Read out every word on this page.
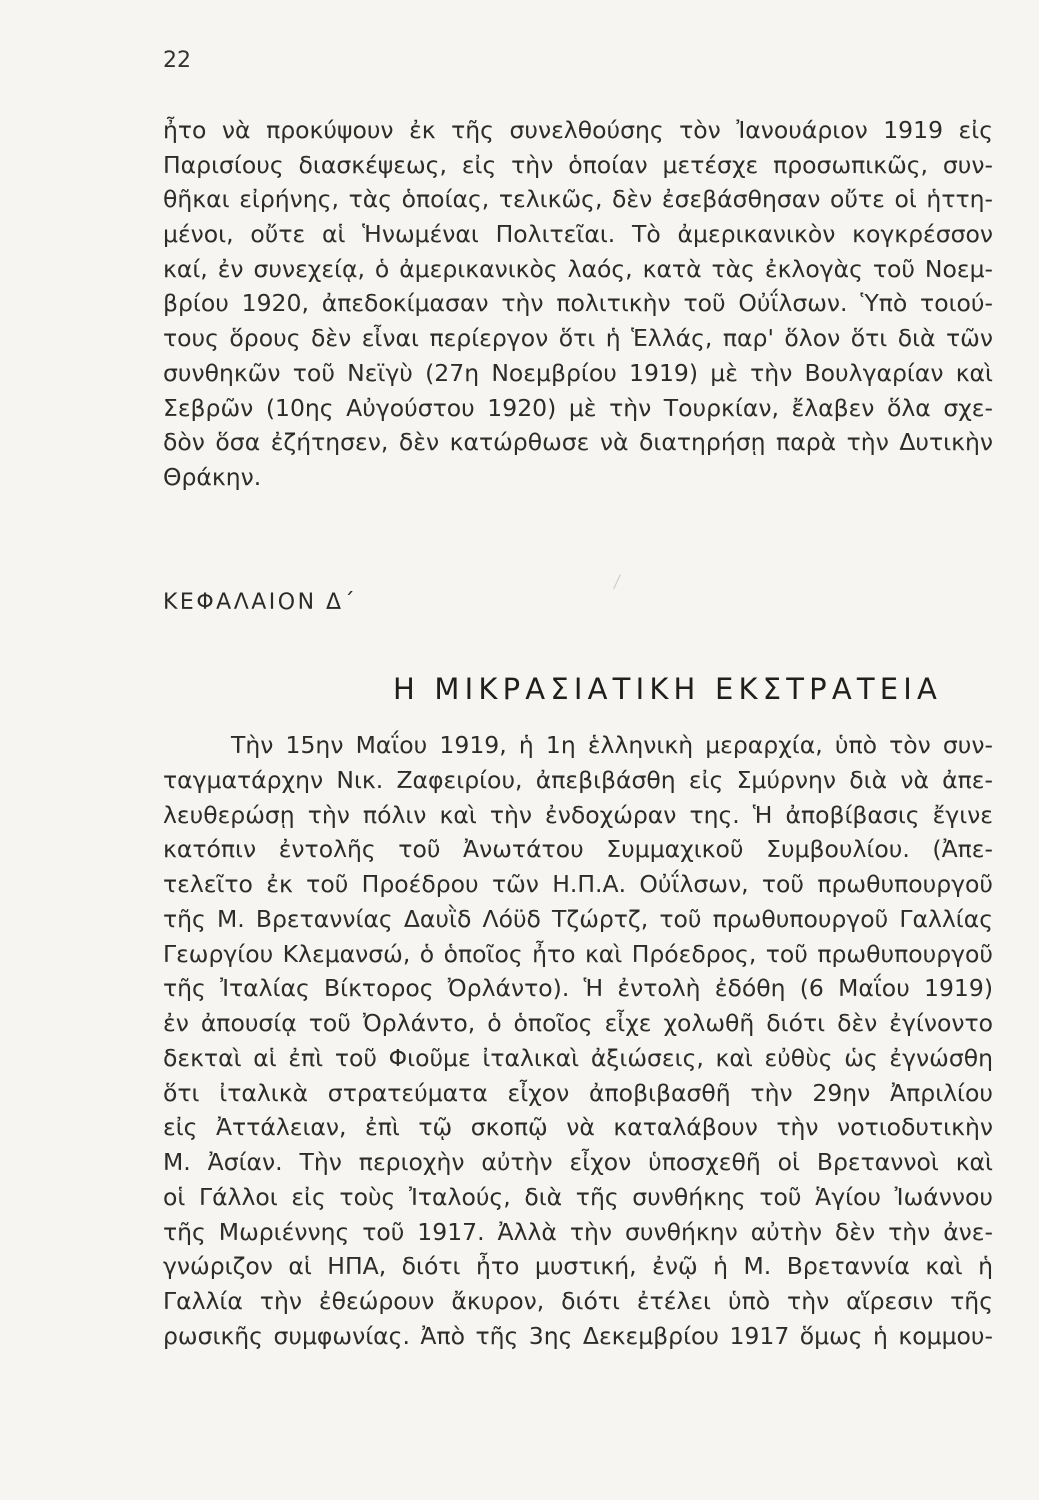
22
ἦτο νὰ προκύψουν ἐκ τῆς συνελθούσης τὸν Ἰανουάριον 1919 εἰς
Παρισίους διασκέψεως, εἰς τὴν ὁποίαν μετέσχε προσωπικῶς, συν-
θῆκαι εἰρήνης, τὰς ὁποίας, τελικῶς, δὲν ἐσεβάσθησαν οὔτε οἱ ἡττη-
μένοι, οὔτε αἱ Ἡνωμέναι Πολιτεῖαι. Τὸ ἀμερικανικὸν κογκρέσσον
καί, ἐν συνεχείᾳ, ὁ ἀμερικανικὸς λαός, κατὰ τὰς ἐκλογὰς τοῦ Νοεμ-
βρίου 1920, ἀπεδοκίμασαν τὴν πολιτικὴν τοῦ Οὐΐλσων. Ὑπὸ τοιού-
τους ὅρους δὲν εἶναι περίεργον ὅτι ἡ Ἑλλάς, παρ' ὅλον ὅτι διὰ τῶν
συνθηκῶν τοῦ Νεϊγὺ (27η Νοεμβρίου 1919) μὲ τὴν Βουλγαρίαν καὶ
Σεβρῶν (10ης Αὐγούστου 1920) μὲ τὴν Τουρκίαν, ἔλαβεν ὅλα σχε-
δὸν ὅσα ἐζήτησεν, δὲν κατώρθωσε νὰ διατηρήσῃ παρὰ τὴν Δυτικὴν
Θράκην.
ΚΕΦΑΛΑΙΟΝ Δ΄
Η ΜΙΚΡΑΣΙΑΤΙΚΗ ΕΚΣΤΡΑΤΕΙΑ
Τὴν 15ην Μαΐου 1919, ἡ 1η ἑλληνικὴ μεραρχία, ὑπὸ τὸν συν-
ταγματάρχην Νικ. Ζαφειρίου, ἀπεβιβάσθη εἰς Σμύρνην διὰ νὰ ἀπε-
λευθερώσῃ τὴν πόλιν καὶ τὴν ἐνδοχώραν της. Ἡ ἀποβίβασις ἔγινε
κατόπιν ἐντολῆς τοῦ Ἀνωτάτου Συμμαχικοῦ Συμβουλίου. (Ἀπε-
τελεῖτο ἐκ τοῦ Προέδρου τῶν Η.Π.Α. Οὐΐλσων, τοῦ πρωθυπουργοῦ
τῆς Μ. Βρεταννίας Δαυῒδ Λόϋδ Τζώρτζ, τοῦ πρωθυπουργοῦ Γαλλίας
Γεωργίου Κλεμανσώ, ὁ ὁποῖος ἦτο καὶ Πρόεδρος, τοῦ πρωθυπουργοῦ
τῆς Ἰταλίας Βίκτορος Ὀρλάντο). Ἡ ἐντολὴ ἐδόθη (6 Μαΐου 1919)
ἐν ἀπουσίᾳ τοῦ Ὀρλάντο, ὁ ὁποῖος εἶχε χολωθῆ διότι δὲν ἐγίνοντο
δεκταὶ αἱ ἐπὶ τοῦ Φιοῦμε ἰταλικαὶ ἀξιώσεις, καὶ εὐθὺς ὡς ἐγνώσθη
ὅτι ἰταλικὰ στρατεύματα εἶχον ἀποβιβασθῆ τὴν 29ην Ἀπριλίου
εἰς Ἀττάλειαν, ἐπὶ τῷ σκοπῷ νὰ καταλάβουν τὴν νοτιοδυτικὴν
Μ. Ἀσίαν. Τὴν περιοχὴν αὐτὴν εἶχον ὑποσχεθῆ οἱ Βρεταννοὶ καὶ
οἱ Γάλλοι εἰς τοὺς Ἰταλούς, διὰ τῆς συνθήκης τοῦ Ἁγίου Ἰωάννου
τῆς Μωριέννης τοῦ 1917. Ἀλλὰ τὴν συνθήκην αὐτὴν δὲν τὴν ἀνε-
γνώριζον αἱ ΗΠΑ, διότι ἦτο μυστική, ἐνῷ ἡ Μ. Βρεταννία καὶ ἡ
Γαλλία τὴν ἐθεώρουν ἄκυρον, διότι ἐτέλει ὑπὸ τὴν αἵρεσιν τῆς
ρωσικῆς συμφωνίας. Ἀπὸ τῆς 3ης Δεκεμβρίου 1917 ὅμως ἡ κομμου-
